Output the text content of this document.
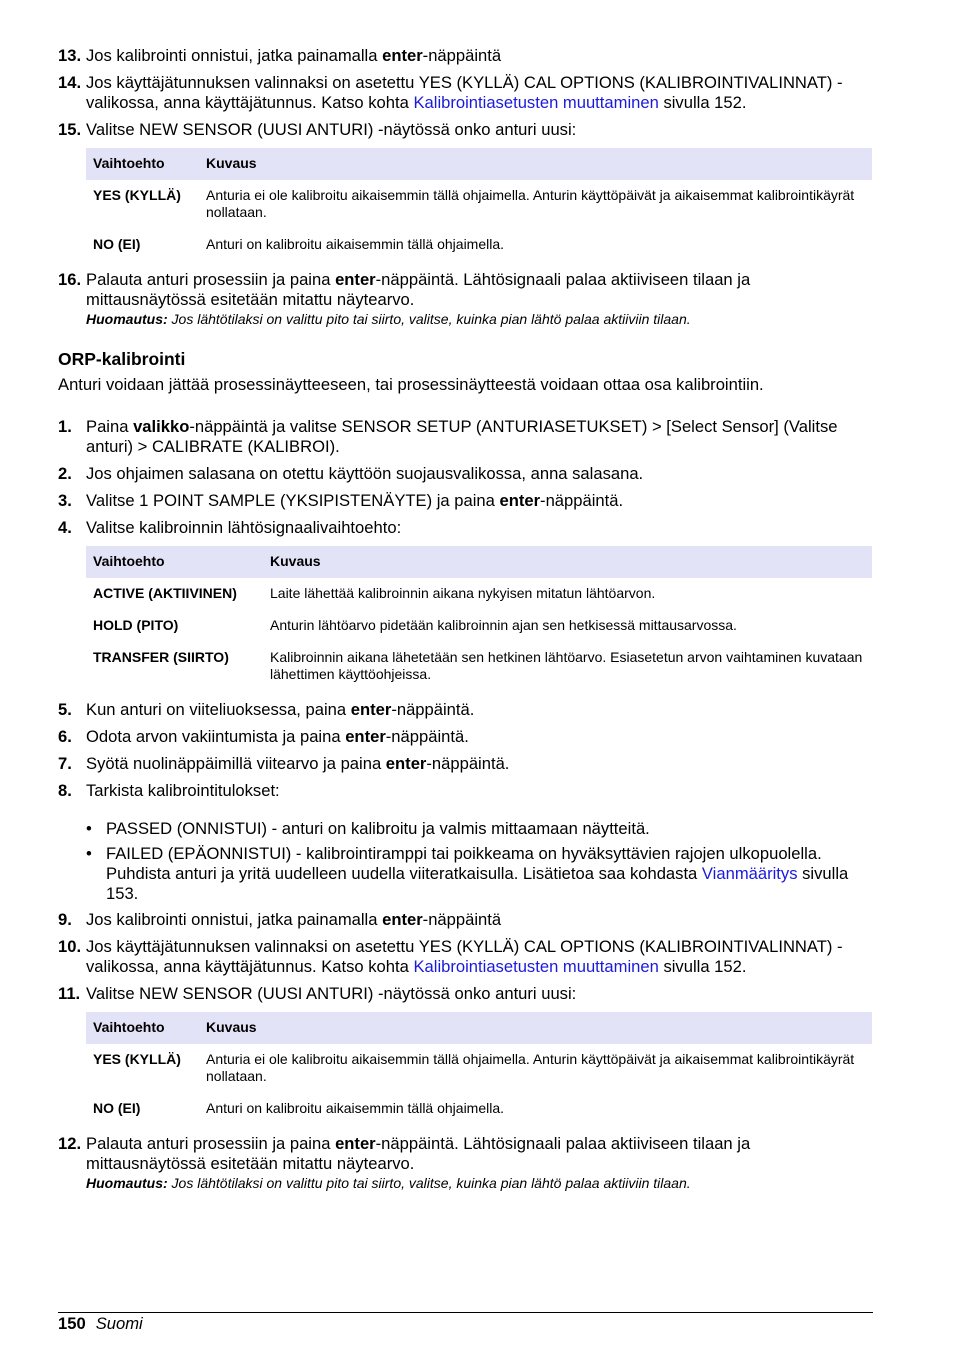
13. Jos kalibrointi onnistui, jatka painamalla enter-näppäintä
14. Jos käyttäjätunnuksen valinnaksi on asetettu YES (KYLLÄ) CAL OPTIONS (KALIBROINTIVALINNAT) -valikossa, anna käyttäjätunnus. Katso kohta Kalibrointiasetusten muuttaminen sivulla 152.
15. Valitse NEW SENSOR (UUSI ANTURI) -näytössä onko anturi uusi:
Vaihtoehto	Kuvaus
YES (KYLLÄ)	Anturia ei ole kalibroitu aikaisemmin tällä ohjaimella. Anturin käyttöpäivät ja aikaisemmat kalibrointikäyrät nollataan.
NO (EI)	Anturi on kalibroitu aikaisemmin tällä ohjaimella.
16. Palauta anturi prosessiin ja paina enter-näppäintä. Lähtösignaali palaa aktiiviseen tilaan ja mittausnäytössä esitetään mitattu näytearvo.
Huomautus: Jos lähtötilaksi on valittu pito tai siirto, valitse, kuinka pian lähtö palaa aktiiviin tilaan.
ORP-kalibrointi
Anturi voidaan jättää prosessinäytteeseen, tai prosessinäytteestä voidaan ottaa osa kalibrointiin.
1. Paina valikko-näppäintä ja valitse SENSOR SETUP (ANTURIASETUKSET) > [Select Sensor] (Valitse anturi) > CALIBRATE (KALIBROI).
2. Jos ohjaimen salasana on otettu käyttöön suojausvalikossa, anna salasana.
3. Valitse 1 POINT SAMPLE (YKSIPISTENÄYTE) ja paina enter-näppäintä.
4. Valitse kalibroinnin lähtösignaalivaihtoehto:
Vaihtoehto	Kuvaus
ACTIVE (AKTIIVINEN)	Laite lähettää kalibroinnin aikana nykyisen mitatun lähtöarvon.
HOLD (PITO)	Anturin lähtöarvo pidetään kalibroinnin ajan sen hetkisessä mittausarvossa.
TRANSFER (SIIRTO)	Kalibroinnin aikana lähetetään sen hetkinen lähtöarvo. Esiasetetun arvon vaihtaminen kuvataan lähettimen käyttöohjeissa.
5. Kun anturi on viiteliuoksessa, paina enter-näppäintä.
6. Odota arvon vakiintumista ja paina enter-näppäintä.
7. Syötä nuolinäppäimillä viitearvo ja paina enter-näppäintä.
8. Tarkista kalibrointitulokset:
• PASSED (ONNISTUI) - anturi on kalibroitu ja valmis mittaamaan näytteitä.
• FAILED (EPÄONNISTUI) - kalibrointiramppi tai poikkeama on hyväksyttävien rajojen ulkopuolella. Puhdista anturi ja yritä uudelleen uudella viiteratkaisulla. Lisätietoa saa kohdasta Vianmääritys sivulla 153.
9. Jos kalibrointi onnistui, jatka painamalla enter-näppäintä
10. Jos käyttäjätunnuksen valinnaksi on asetettu YES (KYLLÄ) CAL OPTIONS (KALIBROINTIVALINNAT) -valikossa, anna käyttäjätunnus. Katso kohta Kalibrointiasetusten muuttaminen sivulla 152.
11. Valitse NEW SENSOR (UUSI ANTURI) -näytössä onko anturi uusi:
Vaihtoehto	Kuvaus
YES (KYLLÄ)	Anturia ei ole kalibroitu aikaisemmin tällä ohjaimella. Anturin käyttöpäivät ja aikaisemmat kalibrointikäyrät nollataan.
NO (EI)	Anturi on kalibroitu aikaisemmin tällä ohjaimella.
12. Palauta anturi prosessiin ja paina enter-näppäintä. Lähtösignaali palaa aktiiviseen tilaan ja mittausnäytössä esitetään mitattu näytearvo.
Huomautus: Jos lähtötilaksi on valittu pito tai siirto, valitse, kuinka pian lähtö palaa aktiiviin tilaan.
150 Suomi
